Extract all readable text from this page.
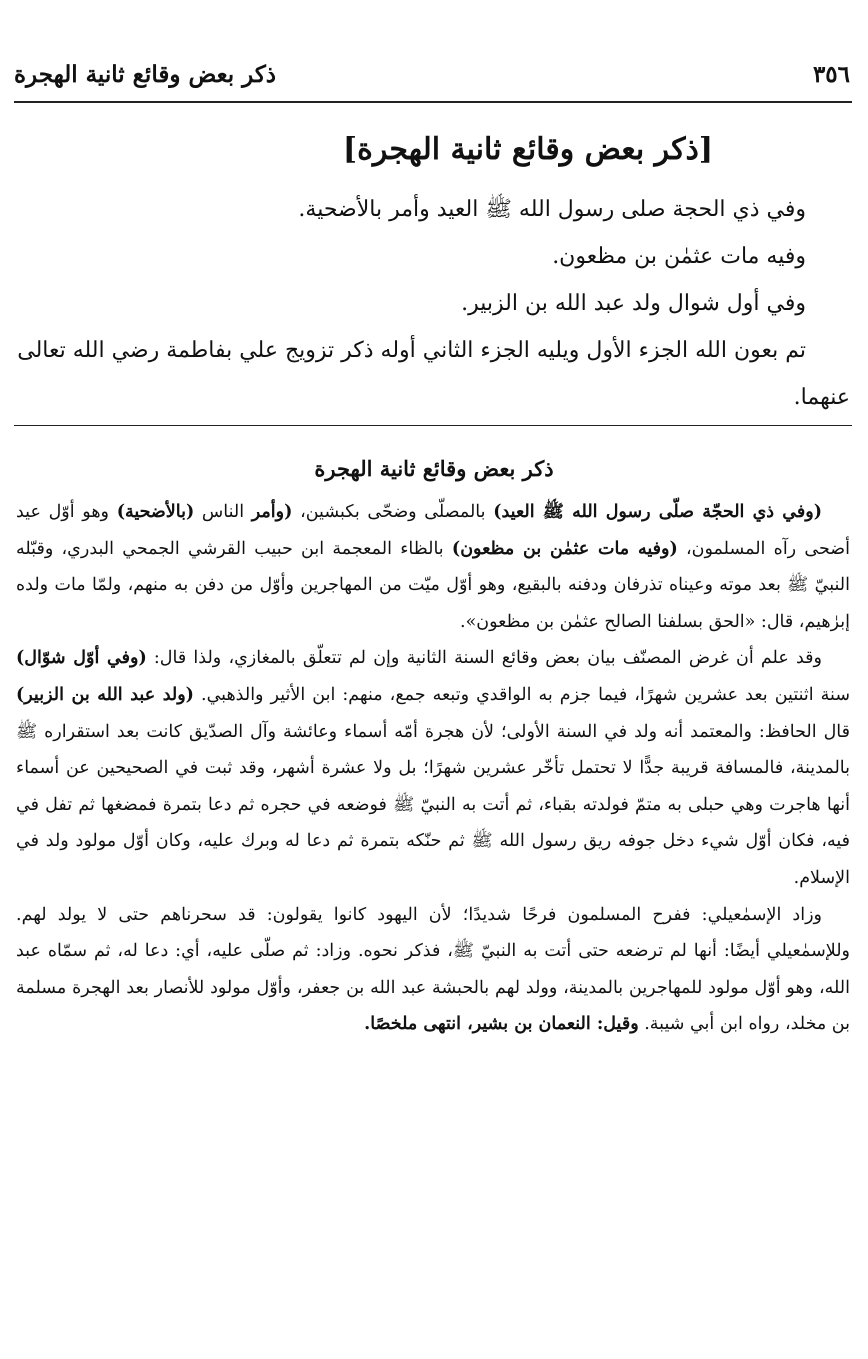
٣٥٦
ذكر بعض وقائع ثانية الهجرة
[ذكر بعض وقائع ثانية الهجرة]

وفي ذي الحجة صلى رسول الله ﷺ العيد وأمر بالأضحية.

وفيه مات عثمٰن بن مظعون.

وفي أول شوال ولد عبد الله بن الزبير.

تم بعون الله الجزء الأول ويليه الجزء الثاني أوله ذكر تزويج علي بفاطمة رضي الله تعالى عنهما.

ذكر بعض وقائع ثانية الهجرة

(وفي ذي الحجّة صلّى رسول الله ﷺ العيد) بالمصلّى وضحّى بكبشين، (وأمر الناس (بالأضحية) وهو أوّل عيد أضحى رآه المسلمون، (وفيه مات عثمٰن بن مظعون) بالظاء المعجمة ابن حبيب القرشي الجمحي البدري، وقبّله النبيّ ﷺ بعد موته وعيناه تذرفان ودفنه بالبقيع، وهو أوّل ميّت من المهاجرين وأوّل من دفن به منهم، ولمّا مات ولده إبرٰهيم، قال: «الحق بسلفنا الصالح عثمٰن بن مظعون».

وقد علم أن غرض المصنّف بيان بعض وقائع السنة الثانية وإن لم تتعلّق بالمغازي، ولذا قال: (وفي أوّل شوّال) سنة اثنتين بعد عشرين شهرًا، فيما جزم به الواقدي وتبعه جمع، منهم: ابن الأثير والذهبي. (ولد عبد الله بن الزبير) قال الحافظ: والمعتمد أنه ولد في السنة الأولى؛ لأن هجرة أمّه أسماء وعائشة وآل الصدّيق كانت بعد استقراره ﷺ بالمدينة، فالمسافة قريبة جدًّا لا تحتمل تأخّر عشرين شهرًا؛ بل ولا عشرة أشهر، وقد ثبت في الصحيحين عن أسماء أنها هاجرت وهي حبلى به متمّ فولدته بقباء، ثم أتت به النبيّ ﷺ فوضعه في حجره ثم دعا بتمرة فمضغها ثم تفل في فيه، فكان أوّل شيء دخل جوفه ريق رسول الله ﷺ ثم حنّكه بتمرة ثم دعا له وبرك عليه، وكان أوّل مولود ولد في الإسلام.

وزاد الإسمٰعيلي: ففرح المسلمون فرحًا شديدًا؛ لأن اليهود كانوا يقولون: قد سحرناهم حتى لا يولد لهم. وللإسمٰعيلي أيضًا: أنها لم ترضعه حتى أتت به النبيّ ﷺ، فذكر نحوه. وزاد: ثم صلّى عليه، أي: دعا له، ثم سمّاه عبد الله، وهو أوّل مولود للمهاجرين بالمدينة، وولد لهم بالحبشة عبد الله بن جعفر، وأوّل مولود للأنصار بعد الهجرة مسلمة بن مخلد، رواه ابن أبي شيبة. وقيل: النعمان بن بشير، انتهى ملخصًا.
